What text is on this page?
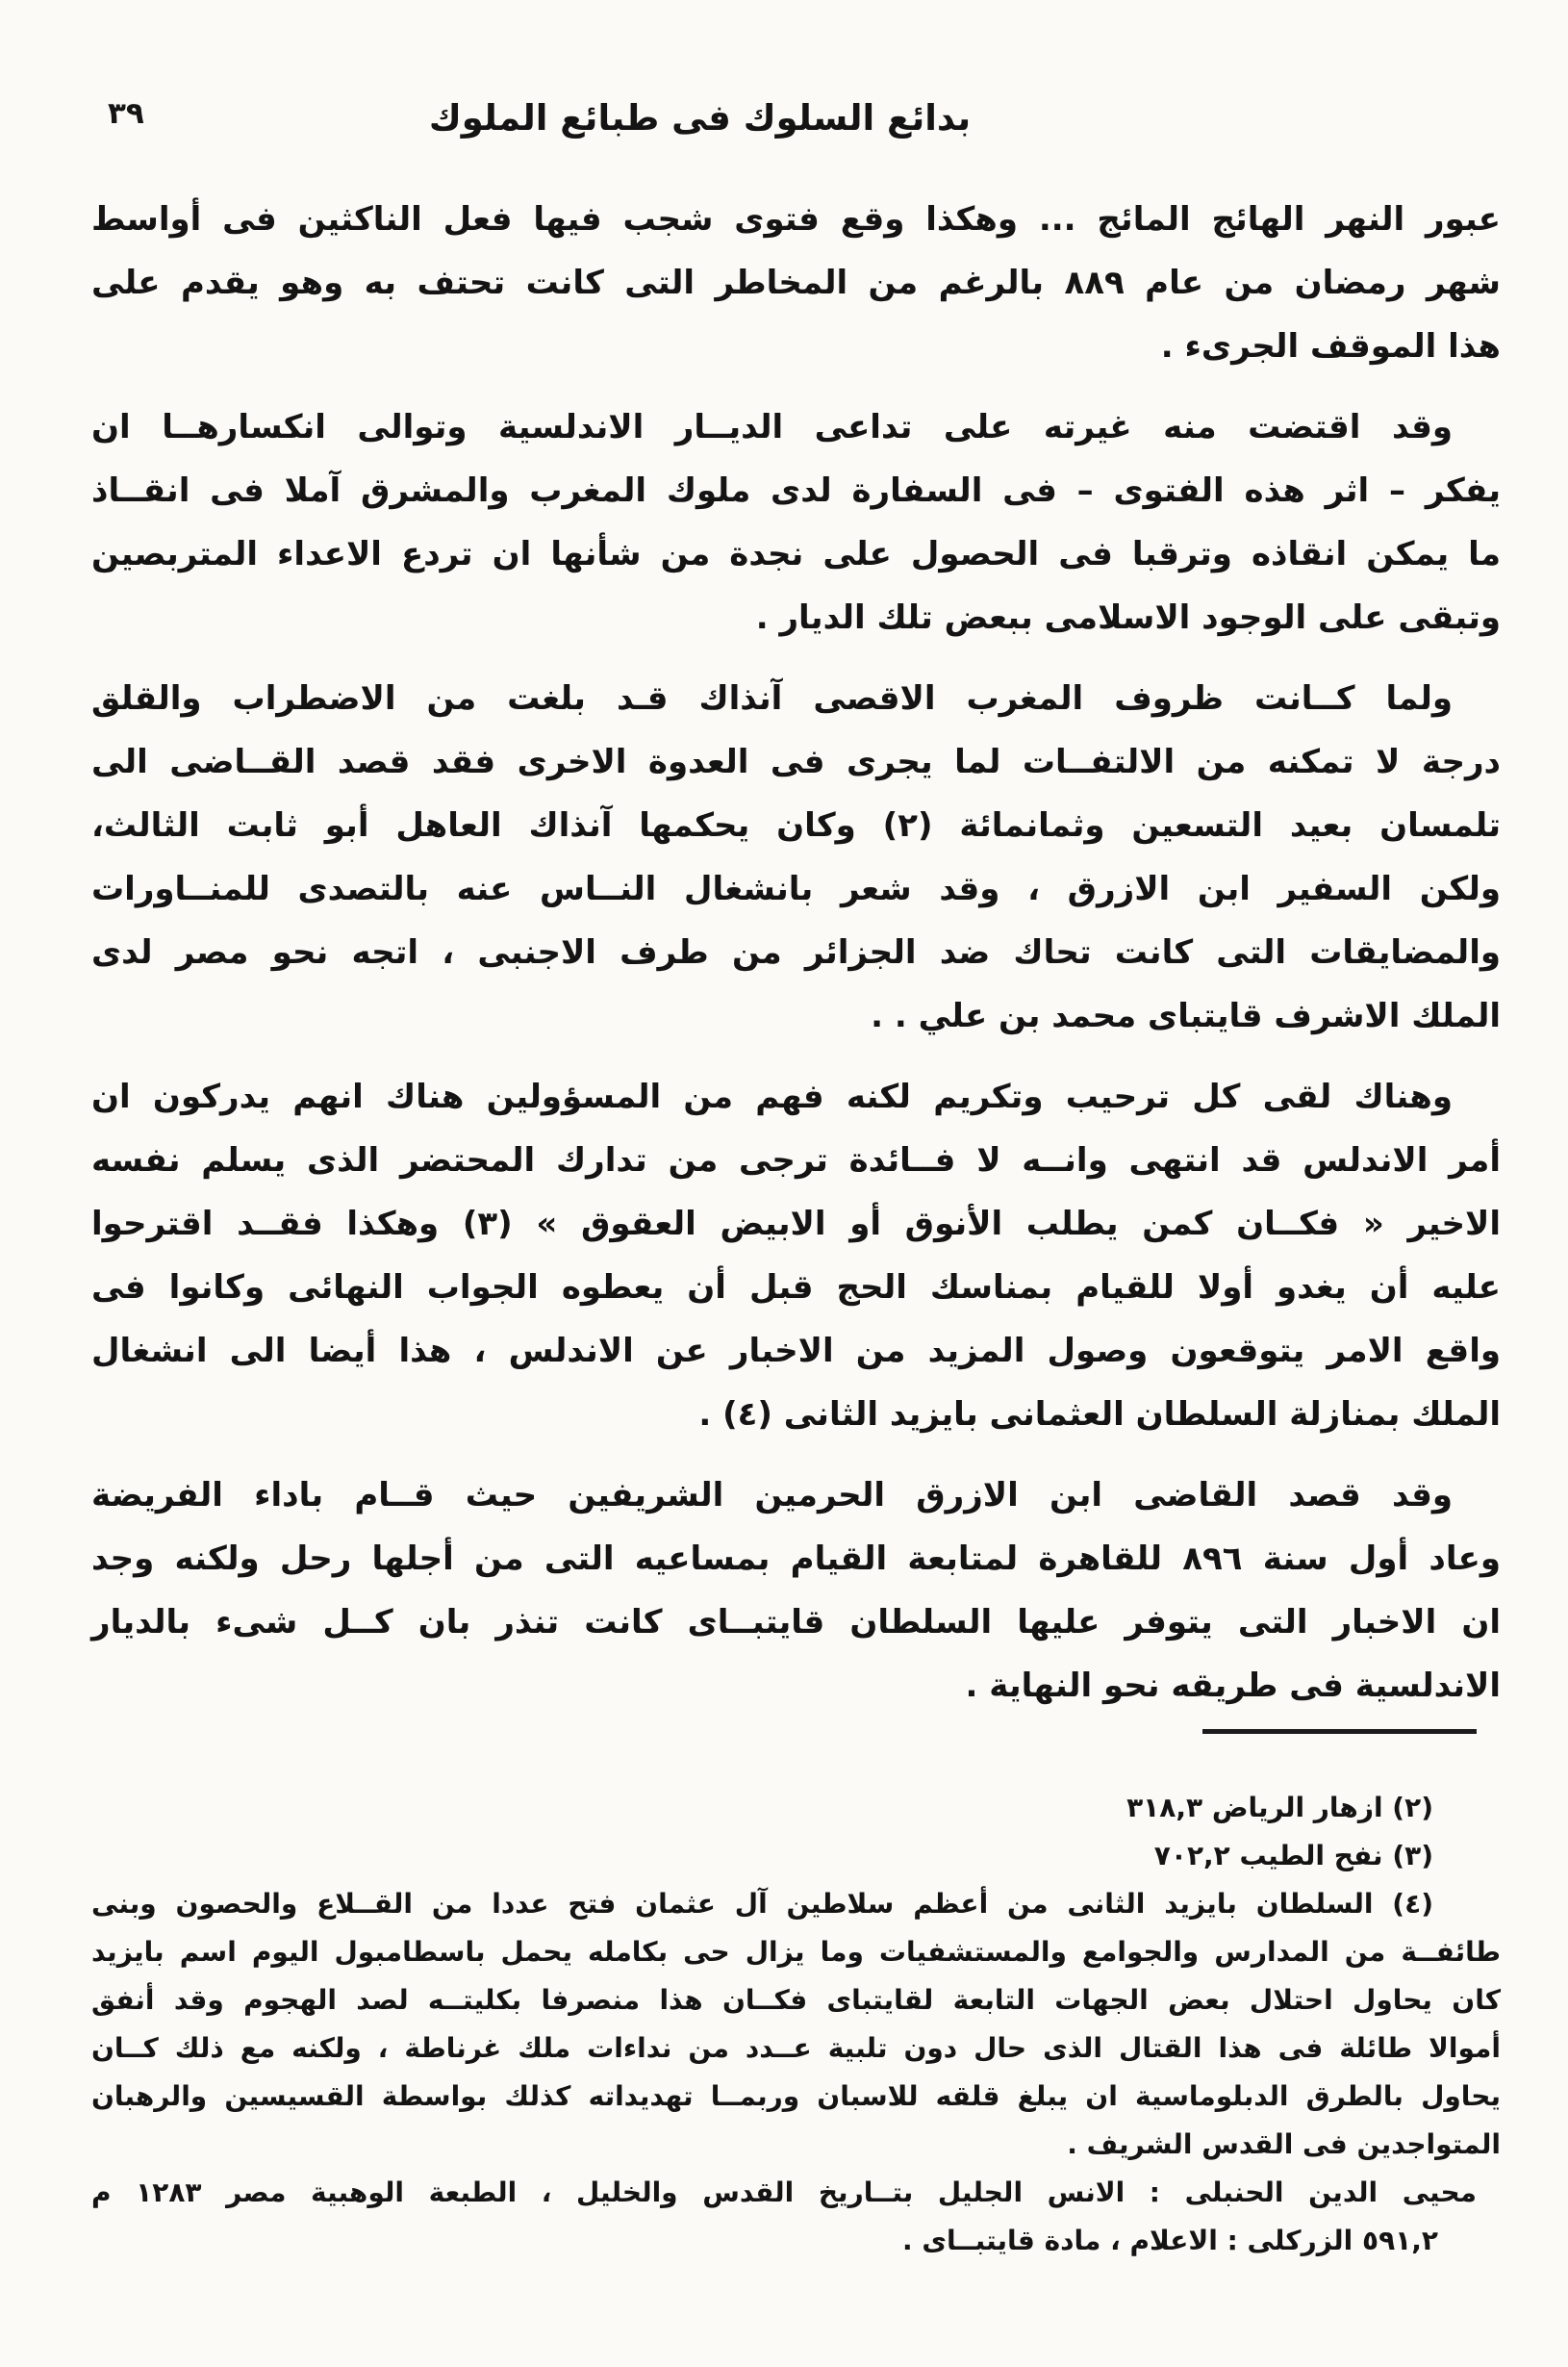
٣٩	بدائع السلوك فى طبائع الملوك
عبور النهر الهائج المائج ... وهكذا وقع فتوى شجب فيها فعل الناكثين فى أواسط
شهر رمضان من عام ٨٨٩ بالرغم من المخاطر التى كانت تحتف به وهو يقدم على
هذا الموقف الجرىء .
وقد اقتضت منه غيرته على تداعى الديــار الاندلسية وتوالى انكسارهــا ان
يفكر – اثر هذه الفتوى – فى السفارة لدى ملوك المغرب والمشرق آملا فى انقــاذ
ما يمكن انقاذه وترقبا فى الحصول على نجدة من شأنها ان تردع الاعداء المتربصين
وتبقى على الوجود الاسلامى ببعض تلك الديار .
ولما كــانت ظروف المغرب الاقصى آنذاك قـد بلغت من الاضطراب والقلق
درجة لا تمكنه من الالتفــات لما يجرى فى العدوة الاخرى فقد قصد القــاضى الى
تلمسان بعيد التسعين وثمانمائة (٢) وكان يحكمها آنذاك العاهل أبو ثابت الثالث،
ولكن السفير ابن الازرق ، وقد شعر بانشغال النــاس عنه بالتصدى للمنــاورات
والمضايقات التى كانت تحاك ضد الجزائر من طرف الاجنبى ، اتجه نحو مصر لدى
الملك الاشرف قايتباى محمد بن علي . .
وهناك لقى كل ترحيب وتكريم لكنه فهم من المسؤولين هناك انهم يدركون ان
أمر الاندلس قد انتهى وانــه لا فــائدة ترجى من تدارك المحتضر الذى يسلم نفسه
الاخير « فكــان كمن يطلب الأنوق أو الابيض العقوق » (٣) وهكذا فقــد اقترحوا
عليه أن يغدو أولا للقيام بمناسك الحج قبل أن يعطوه الجواب النهائى وكانوا فى
واقع الامر يتوقعون وصول المزيد من الاخبار عن الاندلس ، هذا أيضا الى انشغال
الملك بمنازلة السلطان العثمانى بايزيد الثانى (٤) .
وقد قصد القاضى ابن الازرق الحرمين الشريفين حيث قــام باداء الفريضة
وعاد أول سنة ٨٩٦ للقاهرة لمتابعة القيام بمساعيه التى من أجلها رحل ولكنه وجد
ان الاخبار التى يتوفر عليها السلطان قايتبــاى كانت تنذر بان كــل شىء بالديار
الاندلسية فى طريقه نحو النهاية .
(٢) ازهار الرياض ٣١٨,٣
(٣) نفح الطيب ٧٠٢,٢
(٤) السلطان بايزيد الثانى من أعظم سلاطين آل عثمان فتح عددا من القــلاع والحصون وبنى
طائفــة من المدارس والجوامع والمستشفيات وما يزال حى بكامله يحمل باسطامبول اليوم اسم بايزيد
كان يحاول احتلال بعض الجهات التابعة لقايتباى فكــان هذا منصرفا بكليتــه لصد الهجوم وقد أنفق
أموالا طائلة فى هذا القتال الذى حال دون تلبية عــدد من نداءات ملك غرناطة ، ولكنه مع ذلك كــان
يحاول بالطرق الدبلوماسية ان يبلغ قلقه للاسبان وربمــا تهديداته كذلك بواسطة القسيسين والرهبان
المتواجدين فى القدس الشريف .
محيى الدين الحنبلى : الانس الجليل بتــاريخ القدس والخليل ، الطبعة الوهبية مصر ١٢٨٣ م
٥٩١,٢ الزركلى : الاعلام ، مادة قايتبــاى .
